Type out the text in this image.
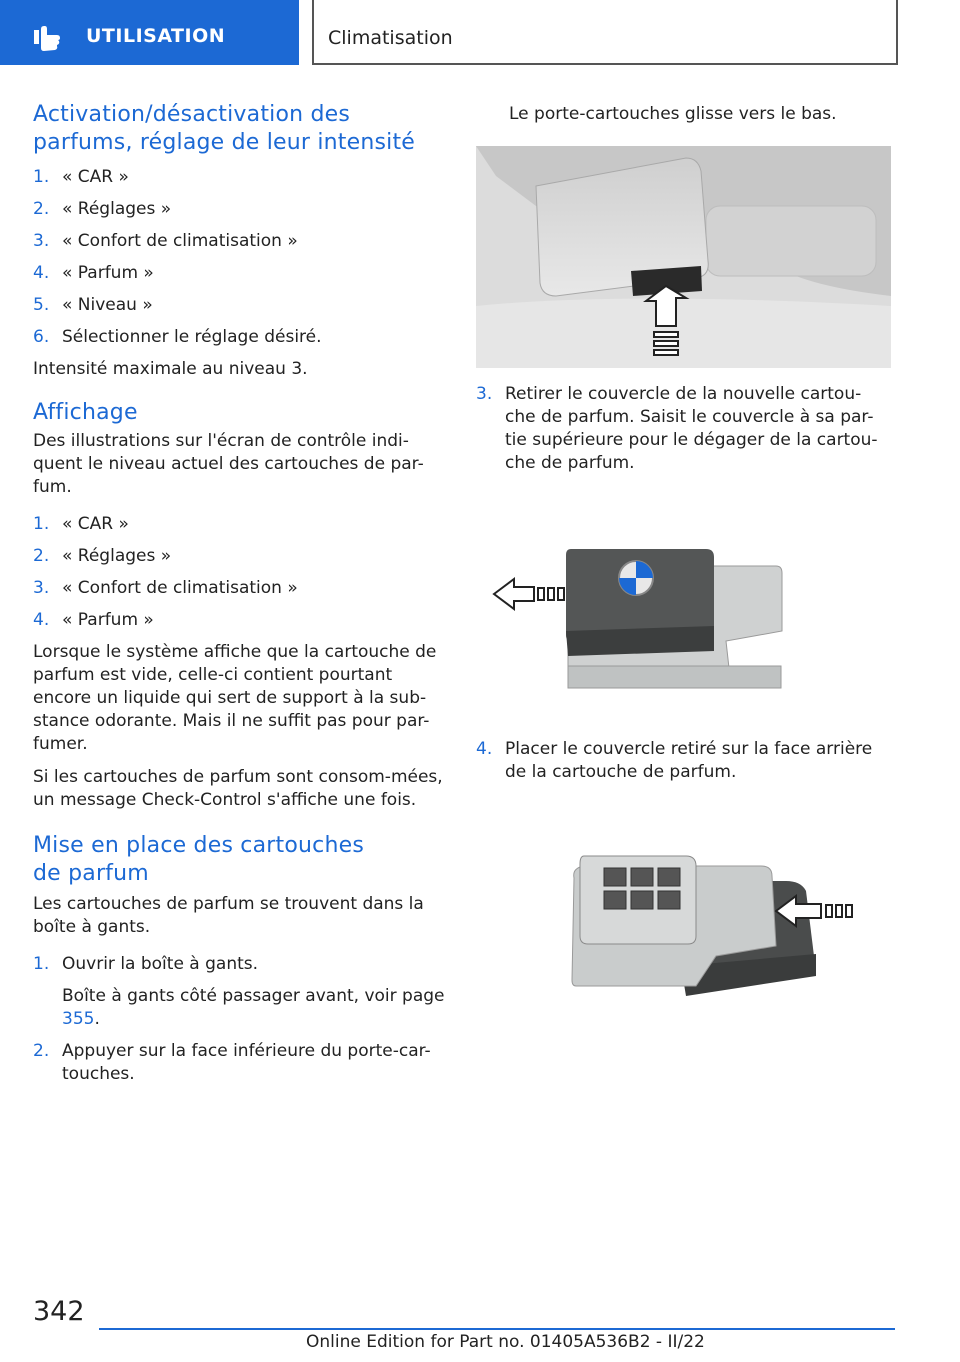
UTILISATION	Climatisation
Activation/désactivation des parfums, réglage de leur intensité
1. « CAR »
2. « Réglages »
3. « Confort de climatisation »
4. « Parfum »
5. « Niveau »
6. Sélectionner le réglage désiré.

Intensité maximale au niveau 3.

Affichage

Des illustrations sur l'écran de contrôle indi-quent le niveau actuel des cartouches de par-fum.

1. « CAR »
2. « Réglages »
3. « Confort de climatisation »
4. « Parfum »

Lorsque le système affiche que la cartouche de parfum est vide, celle-ci contient pourtant encore un liquide qui sert de support à la sub-stance odorante. Mais il ne suffit pas pour par-fumer.

Si les cartouches de parfum sont consom-mées, un message Check-Control s'affiche une fois.

Mise en place des cartouches de parfum

Les cartouches de parfum se trouvent dans la boîte à gants.

1. Ouvrir la boîte à gants.
Boîte à gants côté passager avant, voir page 355.
2. Appuyer sur la face inférieure du porte-car-touches.

Le porte-cartouches glisse vers le bas.

3. Retirer le couvercle de la nouvelle cartou-che de parfum. Saisit le couvercle à sa par-tie supérieure pour le dégager de la cartou-che de parfum.
4. Placer le couvercle retiré sur la face arrière de la cartouche de parfum.
342
Online Edition for Part no. 01405A536B2 - II/22
